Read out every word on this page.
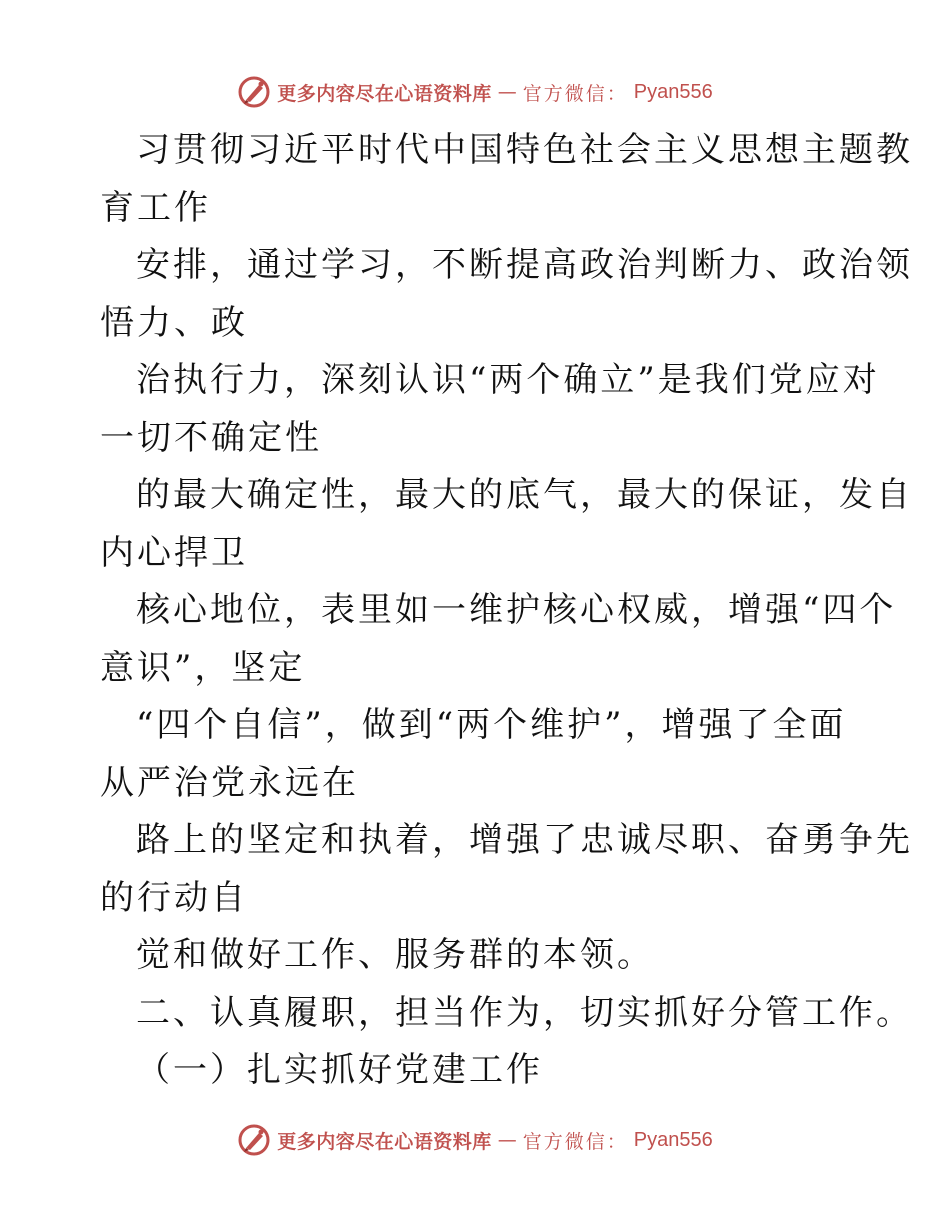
更多内容尽在心语资料库 — 官方微信： Pyan556
习贯彻习近平时代中国特色社会主义思想主题教
育工作
安排，通过学习，不断提高政治判断力、政治领
悟力、政
治执行力，深刻认识“两个确立”是我们党应对
一切不确定性
的最大确定性，最大的底气，最大的保证，发自
内心捍卫
核心地位，表里如一维护核心权威，增强“四个
意识”，坚定
“四个自信”，做到“两个维护”，增强了全面
从严治党永远在
路上的坚定和执着，增强了忠诚尽职、奋勇争先
的行动自
觉和做好工作、服务群的本领。
二、认真履职，担当作为，切实抓好分管工作。
（一）扎实抓好党建工作
更多内容尽在心语资料库 — 官方微信： Pyan556
